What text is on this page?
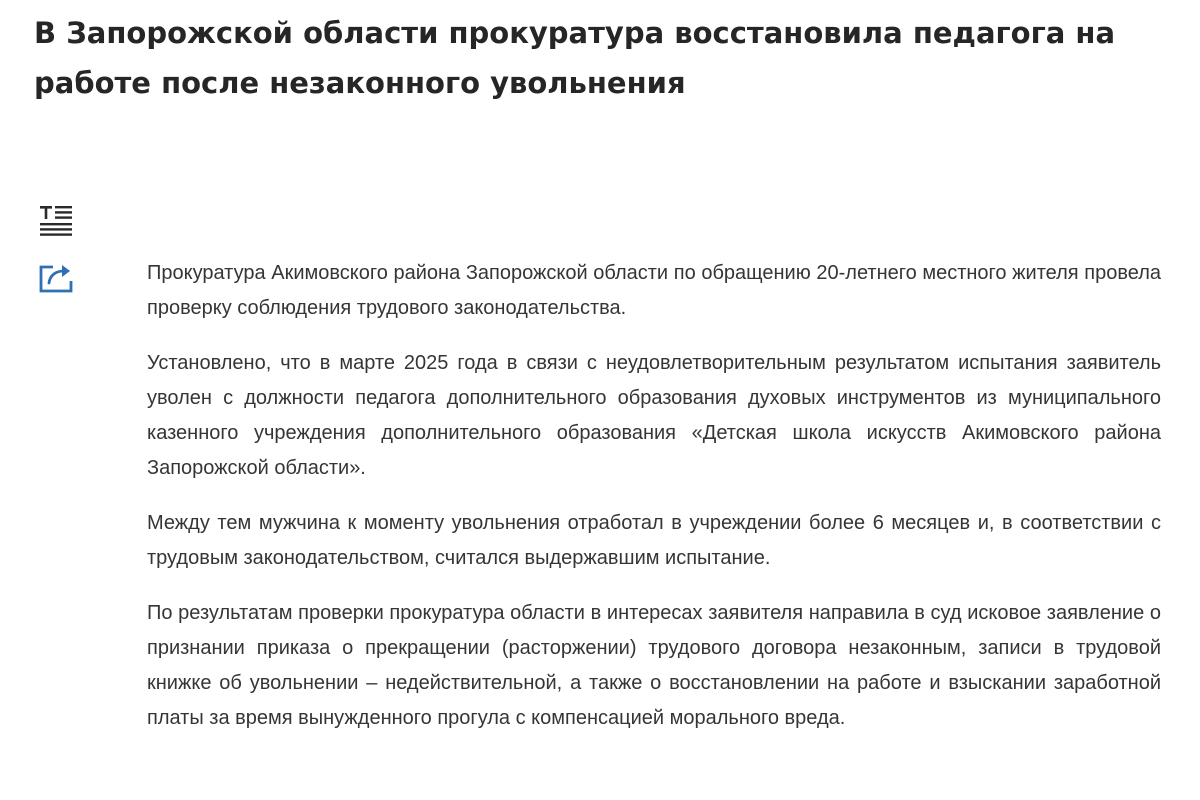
В Запорожской области прокуратура восстановила педагога на работе после незаконного увольнения

Прокуратура Акимовского района Запорожской области по обращению 20-летнего местного жителя провела проверку соблюдения трудового законодательства.

Установлено, что в марте 2025 года в связи с неудовлетворительным результатом испытания заявитель уволен с должности педагога дополнительного образования духовых инструментов из муниципального казенного учреждения дополнительного образования «Детская школа искусств Акимовского района Запорожской области».

Между тем мужчина к моменту увольнения отработал в учреждении более 6 месяцев и, в соответствии с трудовым законодательством, считался выдержавшим испытание.

По результатам проверки прокуратура области в интересах заявителя направила в суд исковое заявление о признании приказа о прекращении (расторжении) трудового договора незаконным, записи в трудовой книжке об увольнении – недействительной, а также о восстановлении на работе и взыскании заработной платы за время вынужденного прогула с компенсацией морального вреда.
